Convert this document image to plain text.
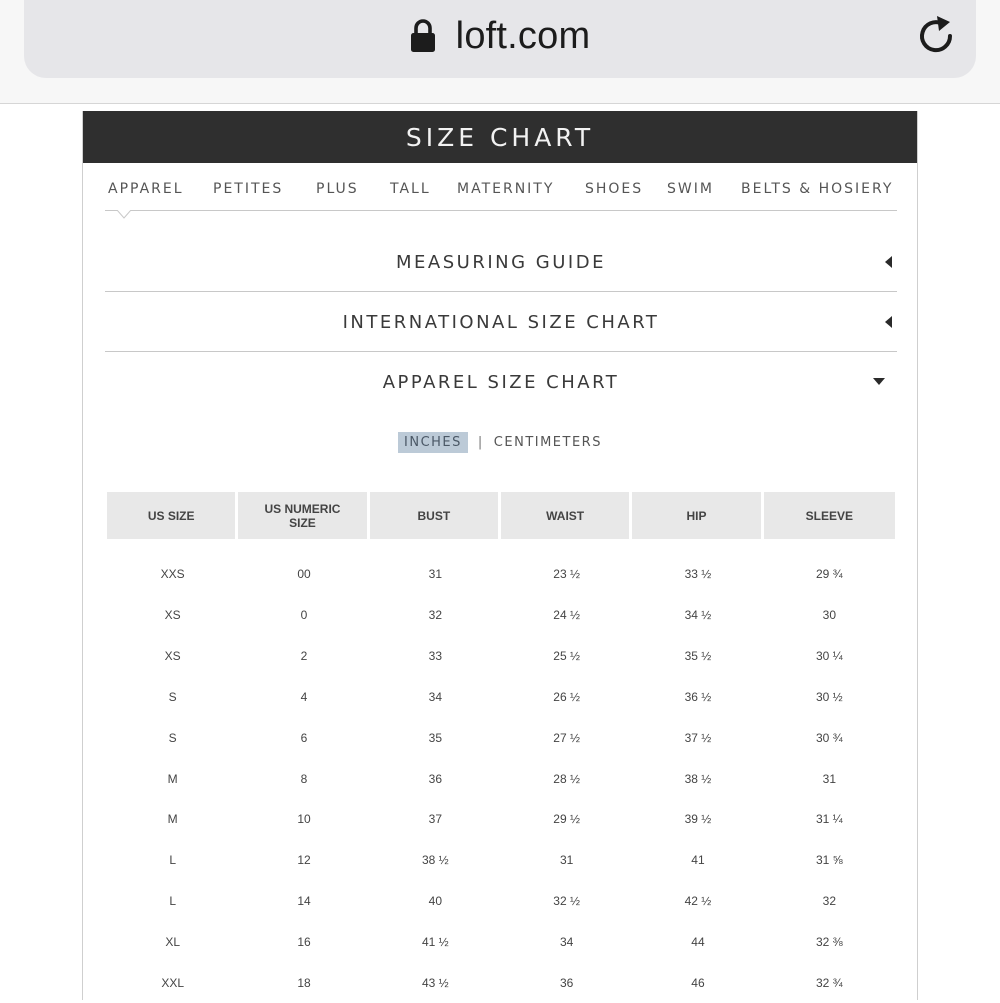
loft.com
SIZE CHART
APPAREL PETITES PLUS TALL MATERNITY SHOES SWIM BELTS & HOSIERY
MEASURING GUIDE
INTERNATIONAL SIZE CHART
APPAREL SIZE CHART
INCHES	| CENTIMETERS
US SIZE	US NUMERIC SIZE	BUST	WAIST	HIP	SLEEVE
XXS	00	31	23 ½	33 ½	29 ¾
XS	0	32	24 ½	34 ½	30
XS	2	33	25 ½	35 ½	30 ¼
S	4	34	26 ½	36 ½	30 ½
S	6	35	27 ½	37 ½	30 ¾
M	8	36	28 ½	38 ½	31
M	10	37	29 ½	39 ½	31 ¼
L	12	38 ½	31	41	31 ⅝
L	14	40	32 ½	42 ½	32
XL	16	41 ½	34	44	32 ⅜
XXL	18	43 ½	36	46	32 ¾
